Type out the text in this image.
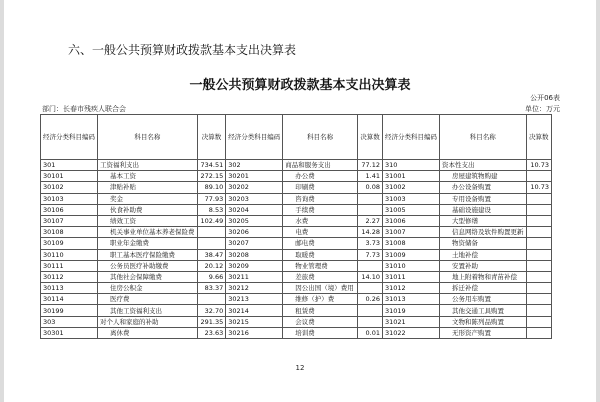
六、一般公共预算财政拨款基本支出决算表
一般公共预算财政拨款基本支出决算表
公开06表
部门：长春市残疾人联合会	单位：万元
经济分类科目编码	科目名称	决算数	经济分类科目编码	科目名称	决算数	经济分类科目编码	科目名称	决算数
301	工资福利支出	734.51	302	商品和服务支出	77.12	310	资本性支出	10.73
30101	基本工资	272.15	30201	办公费	1.41	31001	房屋建筑物购建	
30102	津贴补贴	89.10	30202	印刷费	0.08	31002	办公设备购置	10.73
30103	奖金	77.93	30203	咨询费		31003	专用设备购置	
30106	伙食补助费	8.53	30204	手续费		31005	基础设施建设	
30107	绩效工资	102.49	30205	水费	2.27	31006	大型修缮	
30108	机关事业单位基本养老保险费		30206	电费	14.28	31007	信息网络及软件购置更新	
30109	职业年金缴费		30207	邮电费	3.73	31008	物资储备	
30110	职工基本医疗保险缴费	38.47	30208	取暖费	7.73	31009	土地补偿	
30111	公务员医疗补助缴费	20.12	30209	物业管理费		31010	安置补助	
30112	其他社会保障缴费	9.66	30211	差旅费	14.10	31011	地上附着物和青苗补偿	
30113	住房公积金	83.37	30212	因公出国（境）费用		31012	拆迁补偿	
30114	医疗费		30213	维修（护）费	0.26	31013	公务用车购置	
30199	其他工资福利支出	32.70	30214	租赁费		31019	其他交通工具购置	
303	对个人和家庭的补助	291.35	30215	会议费		31021	文物和陈列品购置	
30301	离休费	23.63	30216	培训费	0.01	31022	无形资产购置	
12
